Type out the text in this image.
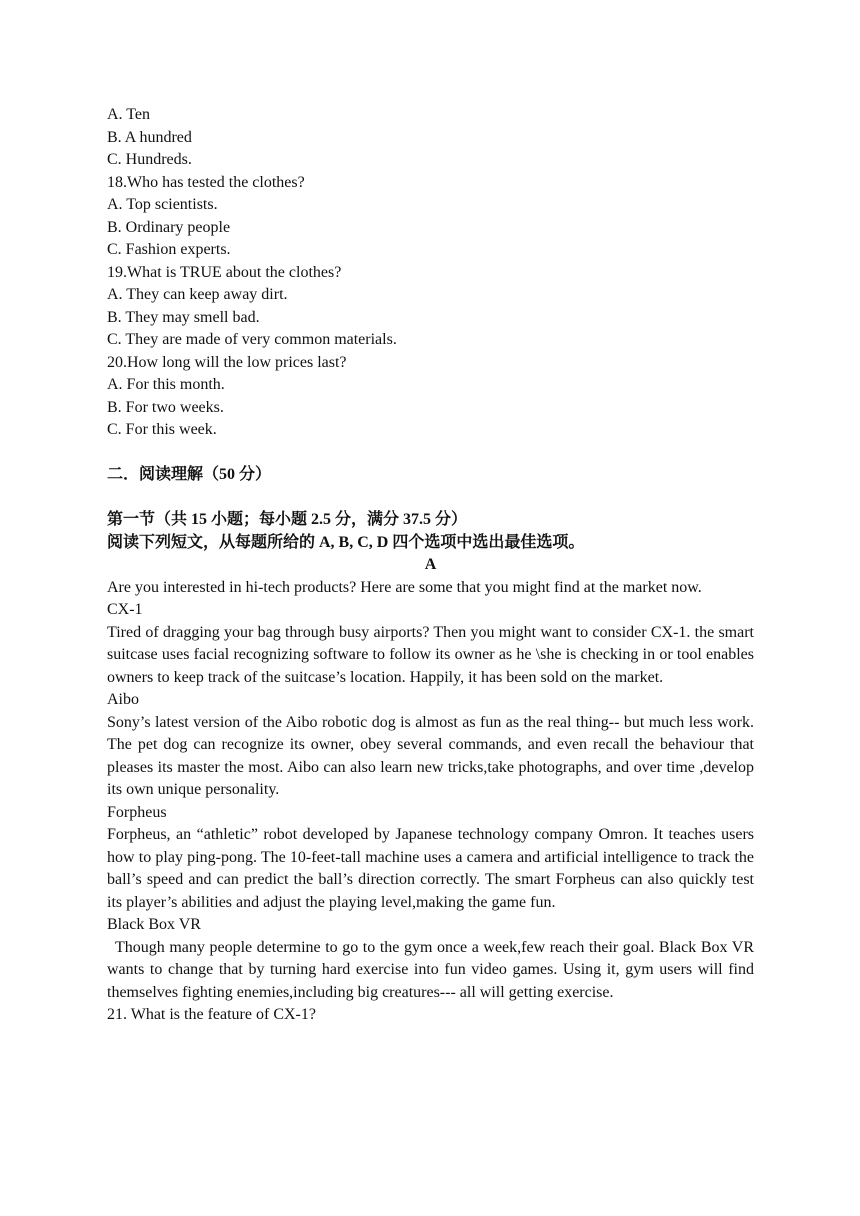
A. Ten
B. A hundred
C. Hundreds.
18.Who has tested the clothes?
A. Top scientists.
B. Ordinary people
C. Fashion experts.
19.What is TRUE about the clothes?
A. They can keep away dirt.
B. They may smell bad.
C. They are made of very common materials.
20.How long will the low prices last?
A. For this month.
B. For two weeks.
C. For this week.
二．阅读理解（50 分）
第一节（共 15 小题；每小题 2.5 分，满分 37.5 分）
阅读下列短文，从每题所给的 A, B, C, D 四个选项中选出最佳选项。
A
Are you interested in hi-tech products? Here are some that you might find at the market now.
CX-1
Tired of dragging your bag through busy airports? Then you might want to consider CX-1. the smart suitcase uses facial recognizing software to follow its owner as he \she is checking in or tool enables owners to keep track of the suitcase’s location. Happily, it has been sold on the market.
Aibo
Sony’s latest version of the Aibo robotic dog is almost as fun as the real thing-- but much less work. The pet dog can recognize its owner, obey several commands, and even recall the behaviour that pleases its master the most. Aibo can also learn new tricks,take photographs, and over time ,develop its own unique personality.
Forpheus
Forpheus, an “athletic” robot developed by Japanese technology company Omron. It teaches users how to play ping-pong. The 10-feet-tall machine uses a camera and artificial intelligence to track the ball’s speed and can predict the ball’s direction correctly. The smart Forpheus can also quickly test its player’s abilities and adjust the playing level,making the game fun.
Black Box VR
Though many people determine to go to the gym once a week,few reach their goal. Black Box VR wants to change that by turning hard exercise into fun video games. Using it, gym users will find themselves fighting enemies,including big creatures--- all will getting exercise.
21. What is the feature of CX-1?
